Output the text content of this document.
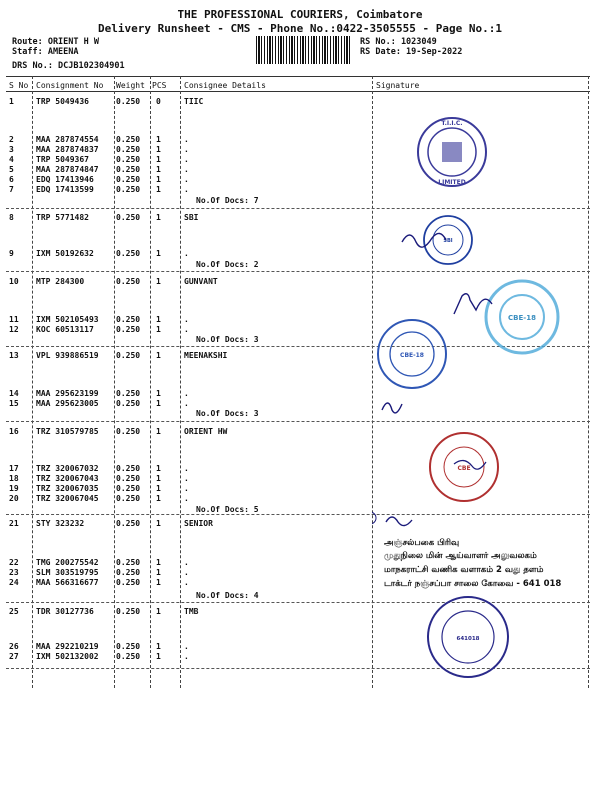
THE PROFESSIONAL COURIERS, Coimbatore
Delivery Runsheet - CMS - Phone No.:0422-3505555 - Page No.:1
Route: ORIENT H W
Staff: AMEENA
DRS No.: DCJB102304901
RS No.: 1023049
RS Date: 19-Sep-2022
S No Consignment No Weight PCS Consignee Details	Signature
1	TRP 5049436	0.250 0	TIIC
2	MAA 287874554 0.250 1	.
3	MAA 287874837 0.250 1	.
4	TRP 5049367	0.250 1	.
5	MAA 287874847 0.250 1	.
6	EDQ 17413946	0.250 1	.
7	EDQ 17413599	0.250 1	.
8	TRP 5771482	0.250 1	SBI
9	IXM 50192632	0.250 1	.
10 MTP 284300	0.250 1	GUNVANT
11 IXM 502105493 0.250 1	.
12 KOC 60513117	0.250 1	.
13 VPL 939886519 0.250 1	MEENAKSHI
14 MAA 295623199 0.250 1	.
15 MAA 295623005 0.250 1	.
16 TRZ 310579785 0.250 1	ORIENT HW
17 TRZ 320067032 0.250 1	.
18 TRZ 320067043 0.250 1	.
19 TRZ 320067035 0.250 1	.
20 TRZ 320067045 0.250 1	.
21 STY 323232	0.250 1	SENIOR
22 TMG 200275542 0.250 1	.
23 SLM 303519795 0.250 1	.
24 MAA 566316677 0.250 1	.
25 TDR 30127736	0.250 1	TMB
26 MAA 292210219 0.250 1	.
27 IXM 502132002 0.250 1	.
No.Of Docs: 7
No.Of Docs: 2
No.Of Docs: 3
No.Of Docs: 3
No.Of Docs: 5
No.Of Docs: 4
T.I.I.C.
LIMITED
SBI
CBE-18
CBE-18
CBE
641018
அஞ்சல்பகை பிரிவு
முதுநிலை மின் ஆய்வாளர் அலுவலகம்
மாநகராட்சி வணிக வளாகம் 2 வது தளம்
டாக்டர் நஞ்சப்பா சாலை கோவை - 641 018
